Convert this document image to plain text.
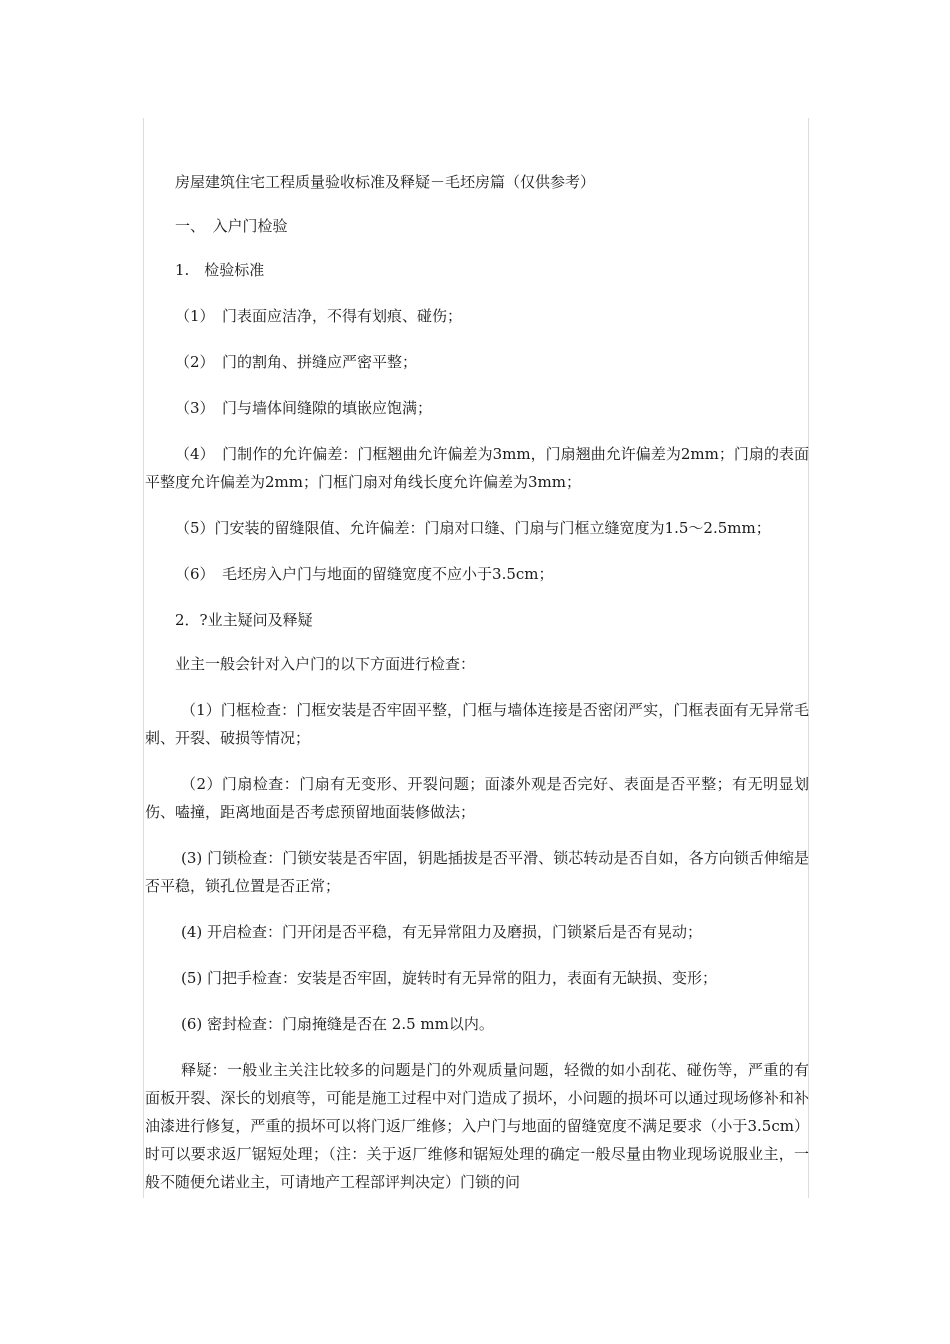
房屋建筑住宅工程质量验收标准及释疑－毛坯房篇（仅供参考）
一、　入户门检验
1.　检验标准
（1）　门表面应洁净，不得有划痕、碰伤；
（2）　门的割角、拼缝应严密平整；
（3）　门与墙体间缝隙的填嵌应饱满；
（4）　门制作的允许偏差：门框翘曲允许偏差为3mm，门扇翘曲允许偏差为2mm；门扇的表面平整度允许偏差为2mm；门框门扇对角线长度允许偏差为3mm；
（5）门安装的留缝限值、允许偏差：门扇对口缝、门扇与门框立缝宽度为1.5～2.5mm；
（6）　毛坯房入户门与地面的留缝宽度不应小于3.5cm；
2．?业主疑问及释疑
业主一般会针对入户门的以下方面进行检查：
（1）门框检查：门框安装是否牢固平整，门框与墙体连接是否密闭严实，门框表面有无异常毛刺、开裂、破损等情况；
（2）门扇检查：门扇有无变形、开裂问题；面漆外观是否完好、表面是否平整；有无明显划伤、嗑撞，距离地面是否考虑预留地面装修做法；
(3) 门锁检查：门锁安装是否牢固，钥匙插拔是否平滑、锁芯转动是否自如，各方向锁舌伸缩是否平稳，锁孔位置是否正常；
(4) 开启检查：门开闭是否平稳，有无异常阻力及磨损，门锁紧后是否有晃动；
(5) 门把手检查：安装是否牢固，旋转时有无异常的阻力，表面有无缺损、变形；
(6) 密封检查：门扇掩缝是否在 2.5 mm以内。
释疑：一般业主关注比较多的问题是门的外观质量问题，轻微的如小刮花、碰伤等，严重的有面板开裂、深长的划痕等，可能是施工过程中对门造成了损坏，小问题的损坏可以通过现场修补和补油漆进行修复，严重的损坏可以将门返厂维修；入户门与地面的留缝宽度不满足要求（小于3.5cm）时可以要求返厂锯短处理；（注：关于返厂维修和锯短处理的确定一般尽量由物业现场说服业主，一般不随便允诺业主，可请地产工程部评判决定）门锁的问
